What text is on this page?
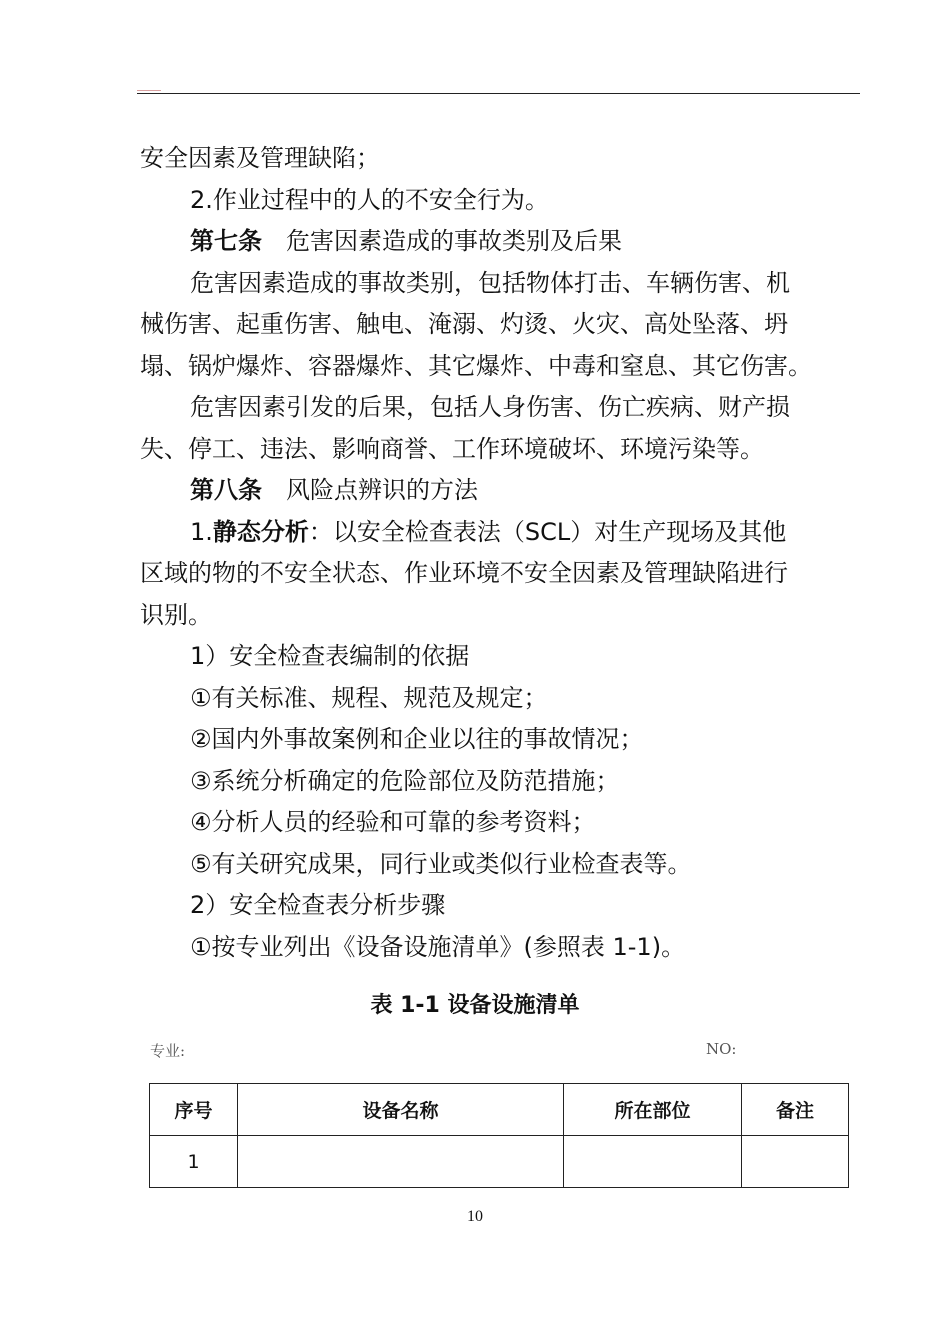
安全因素及管理缺陷；
2.作业过程中的人的不安全行为。
第七条 危害因素造成的事故类别及后果
危害因素造成的事故类别，包括物体打击、车辆伤害、机
械伤害、起重伤害、触电、淹溺、灼烫、火灾、高处坠落、坍
塌、锅炉爆炸、容器爆炸、其它爆炸、中毒和窒息、其它伤害。
危害因素引发的后果，包括人身伤害、伤亡疾病、财产损
失、停工、违法、影响商誉、工作环境破坏、环境污染等。
第八条 风险点辨识的方法
1.静态分析：以安全检查表法（SCL）对生产现场及其他
区域的物的不安全状态、作业环境不安全因素及管理缺陷进行
识别。
1）安全检查表编制的依据
①有关标准、规程、规范及规定；
②国内外事故案例和企业以往的事故情况；
③系统分析确定的危险部位及防范措施；
④分析人员的经验和可靠的参考资料；
⑤有关研究成果，同行业或类似行业检查表等。
2）安全检查表分析步骤
①按专业列出《设备设施清单》(参照表 1-1)。
表 1-1 设备设施清单
专业:	NO:
序号	设备名称	所在部位	备注
1			
10
